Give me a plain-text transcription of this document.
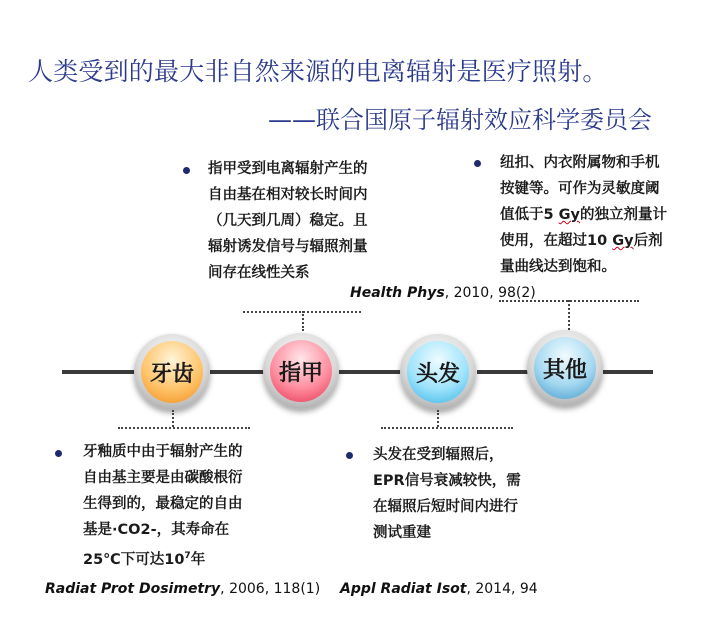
人类受到的最大非自然来源的电离辐射是医疗照射。
——联合国原子辐射效应科学委员会
指甲受到电离辐射产生的
自由基在相对较长时间内
（几天到几周）稳定。且
辐射诱发信号与辐照剂量
间存在线性关系
Health Phys, 2010, 98(2)
纽扣、内衣附属物和手机
按键等。可作为灵敏度阈
值低于5 Gy的独立剂量计
使用，在超过10 Gy后剂
量曲线达到饱和。
牙齿	指甲	头发	其他
牙釉质中由于辐射产生的
自由基主要是由碳酸根衍
生得到的，最稳定的自由
基是·CO2-，其寿命在
25℃下可达$10^7$年
头发在受到辐照后，
EPR信号衰减较快，需
在辐照后短时间内进行
测试重建
Radiat Prot Dosimetry, 2006, 118(1) Appl Radiat Isot, 2014, 94
